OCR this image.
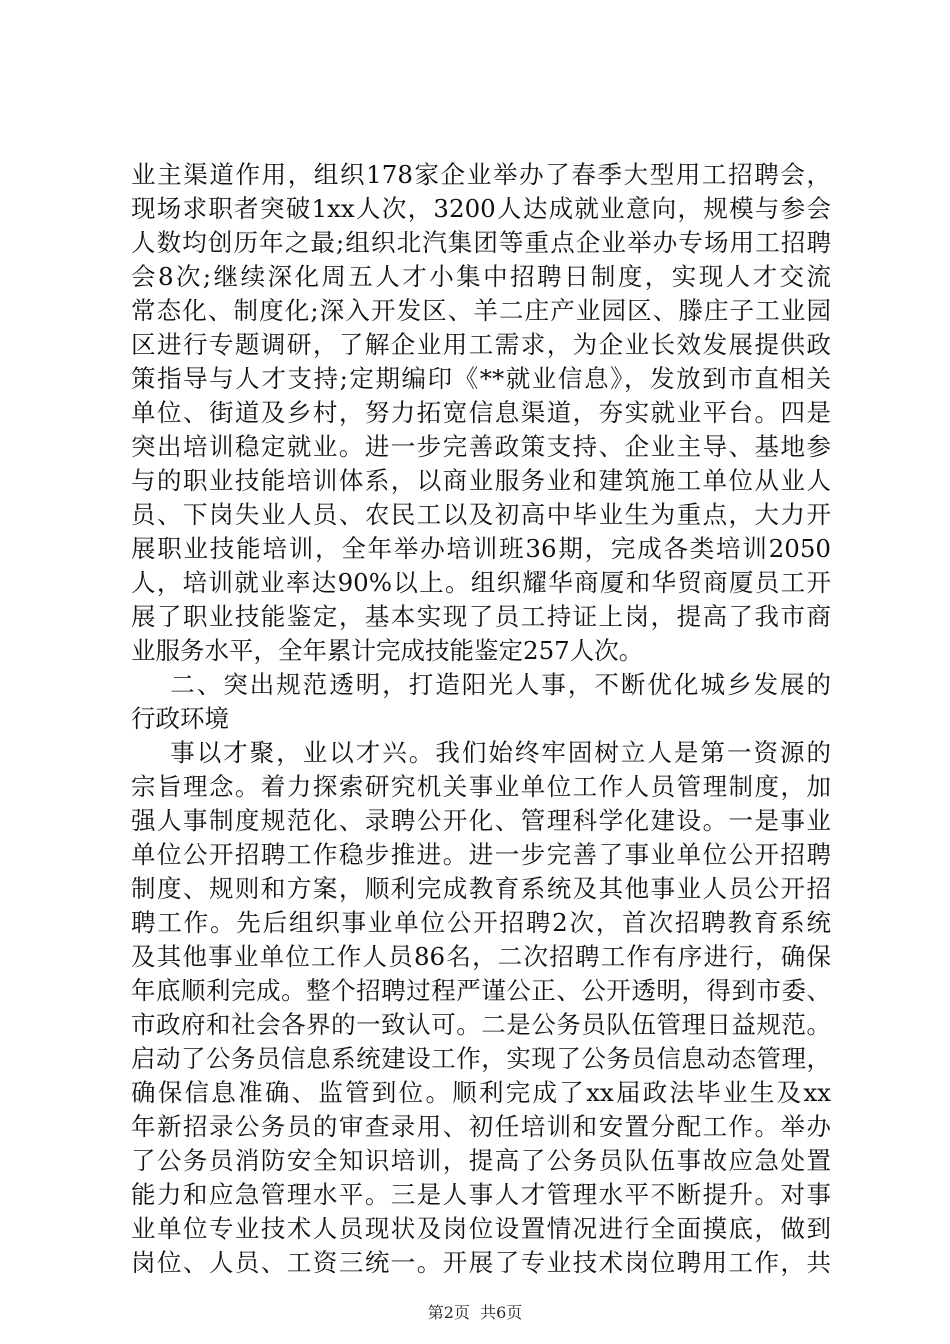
业主渠道作用，组织178家企业举办了春季大型用工招聘会，
现场求职者突破1xx人次，3200人达成就业意向，规模与参会
人数均创历年之最;组织北汽集团等重点企业举办专场用工招聘
会8次;继续深化周五人才小集中招聘日制度，实现人才交流
常态化、制度化;深入开发区、羊二庄产业园区、滕庄子工业园
区进行专题调研，了解企业用工需求，为企业长效发展提供政
策指导与人才支持;定期编印《**就业信息》，发放到市直相关
单位、街道及乡村，努力拓宽信息渠道，夯实就业平台。四是
突出培训稳定就业。进一步完善政策支持、企业主导、基地参
与的职业技能培训体系，以商业服务业和建筑施工单位从业人
员、下岗失业人员、农民工以及初高中毕业生为重点，大力开
展职业技能培训，全年举办培训班36期，完成各类培训2050
人，培训就业率达90%以上。组织耀华商厦和华贸商厦员工开
展了职业技能鉴定，基本实现了员工持证上岗，提高了我市商
业服务水平，全年累计完成技能鉴定257人次。
二、突出规范透明，打造阳光人事，不断优化城乡发展的
行政环境
事以才聚，业以才兴。我们始终牢固树立人是第一资源的
宗旨理念。着力探索研究机关事业单位工作人员管理制度，加
强人事制度规范化、录聘公开化、管理科学化建设。一是事业
单位公开招聘工作稳步推进。进一步完善了事业单位公开招聘
制度、规则和方案，顺利完成教育系统及其他事业人员公开招
聘工作。先后组织事业单位公开招聘2次，首次招聘教育系统
及其他事业单位工作人员86名，二次招聘工作有序进行，确保
年底顺利完成。整个招聘过程严谨公正、公开透明，得到市委、
市政府和社会各界的一致认可。二是公务员队伍管理日益规范。
启动了公务员信息系统建设工作，实现了公务员信息动态管理，
确保信息准确、监管到位。顺利完成了xx届政法毕业生及xx
年新招录公务员的审查录用、初任培训和安置分配工作。举办
了公务员消防安全知识培训，提高了公务员队伍事故应急处置
能力和应急管理水平。三是人事人才管理水平不断提升。对事
业单位专业技术人员现状及岗位设置情况进行全面摸底，做到
岗位、人员、工资三统一。开展了专业技术岗位聘用工作，共
第2页  共6页
